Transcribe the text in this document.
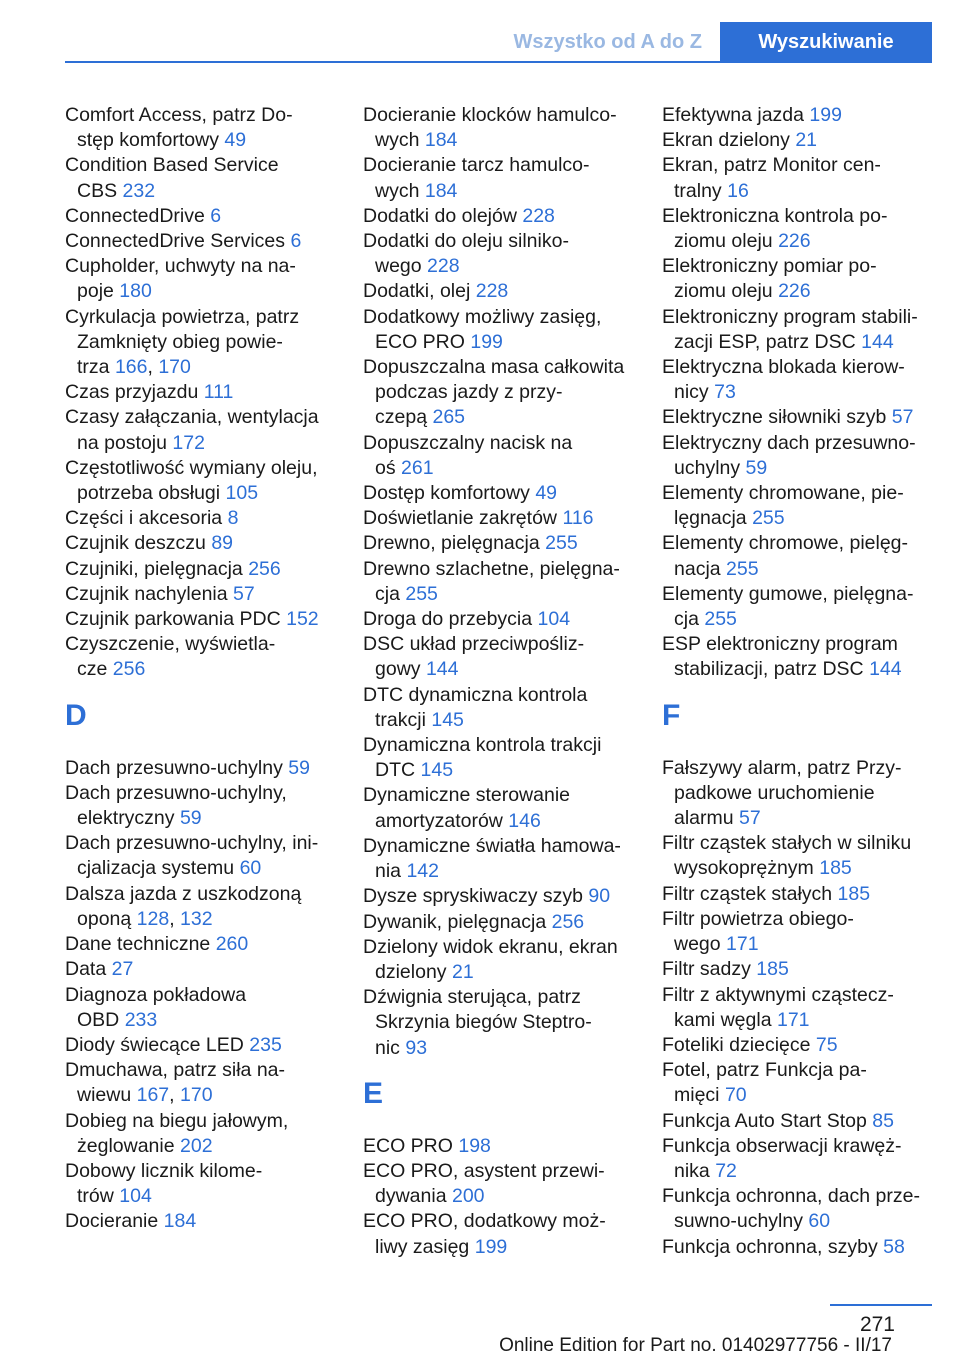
Wszystko od A do Z	Wyszukiwanie
Comfort Access, patrz Do-
stęp komfortowy 49
Condition Based Service
CBS 232
ConnectedDrive 6
ConnectedDrive Services 6
Cupholder, uchwyty na na-
poje 180
Cyrkulacja powietrza, patrz
Zamknięty obieg powie-
trza 166, 170
Czas przyjazdu 111
Czasy załączania, wentylacja
na postoju 172
Częstotliwość wymiany oleju,
potrzeba obsługi 105
Części i akcesoria 8
Czujnik deszczu 89
Czujniki, pielęgnacja 256
Czujnik nachylenia 57
Czujnik parkowania PDC 152
Czyszczenie, wyświetla-
cze 256
D
Dach przesuwno-uchylny 59
Dach przesuwno-uchylny,
elektryczny 59
Dach przesuwno-uchylny, ini-
cjalizacja systemu 60
Dalsza jazda z uszkodzoną
oponą 128, 132
Dane techniczne 260
Data 27
Diagnoza pokładowa
OBD 233
Diody świecące LED 235
Dmuchawa, patrz siła na-
wiewu 167, 170
Dobieg na biegu jałowym,
żeglowanie 202
Dobowy licznik kilome-
trów 104
Docieranie 184
Docieranie klocków hamulco-
wych 184
Docieranie tarcz hamulco-
wych 184
Dodatki do olejów 228
Dodatki do oleju silniko-
wego 228
Dodatki, olej 228
Dodatkowy możliwy zasięg,
ECO PRO 199
Dopuszczalna masa całkowita
podczas jazdy z przy-
czepą 265
Dopuszczalny nacisk na
oś 261
Dostęp komfortowy 49
Doświetlanie zakrętów 116
Drewno, pielęgnacja 255
Drewno szlachetne, pielęgna-
cja 255
Droga do przebycia 104
DSC układ przeciwpośliz-
gowy 144
DTC dynamiczna kontrola
trakcji 145
Dynamiczna kontrola trakcji
DTC 145
Dynamiczne sterowanie
amortyzatorów 146
Dynamiczne światła hamowa-
nia 142
Dysze spryskiwaczy szyb 90
Dywanik, pielęgnacja 256
Dzielony widok ekranu, ekran
dzielony 21
Dźwignia sterująca, patrz
Skrzynia biegów Steptro-
nic 93
E
ECO PRO 198
ECO PRO, asystent przewi-
dywania 200
ECO PRO, dodatkowy moż-
liwy zasięg 199
Efektywna jazda 199
Ekran dzielony 21
Ekran, patrz Monitor cen-
tralny 16
Elektroniczna kontrola po-
ziomu oleju 226
Elektroniczny pomiar po-
ziomu oleju 226
Elektroniczny program stabili-
zacji ESP, patrz DSC 144
Elektryczna blokada kierow-
nicy 73
Elektryczne siłowniki szyb 57
Elektryczny dach przesuwno-
uchylny 59
Elementy chromowane, pie-
lęgnacja 255
Elementy chromowe, pielęg-
nacja 255
Elementy gumowe, pielęgna-
cja 255
ESP elektroniczny program
stabilizacji, patrz DSC 144
F
Fałszywy alarm, patrz Przy-
padkowe uruchomienie
alarmu 57
Filtr cząstek stałych w silniku
wysokoprężnym 185
Filtr cząstek stałych 185
Filtr powietrza obiego-
wego 171
Filtr sadzy 185
Filtr z aktywnymi cząstecz-
kami węgla 171
Foteliki dziecięce 75
Fotel, patrz Funkcja pa-
mięci 70
Funkcja Auto Start Stop 85
Funkcja obserwacji krawęż-
nika 72
Funkcja ochronna, dach prze-
suwno-uchylny 60
Funkcja ochronna, szyby 58
271
Online Edition for Part no. 01402977756 - II/17
